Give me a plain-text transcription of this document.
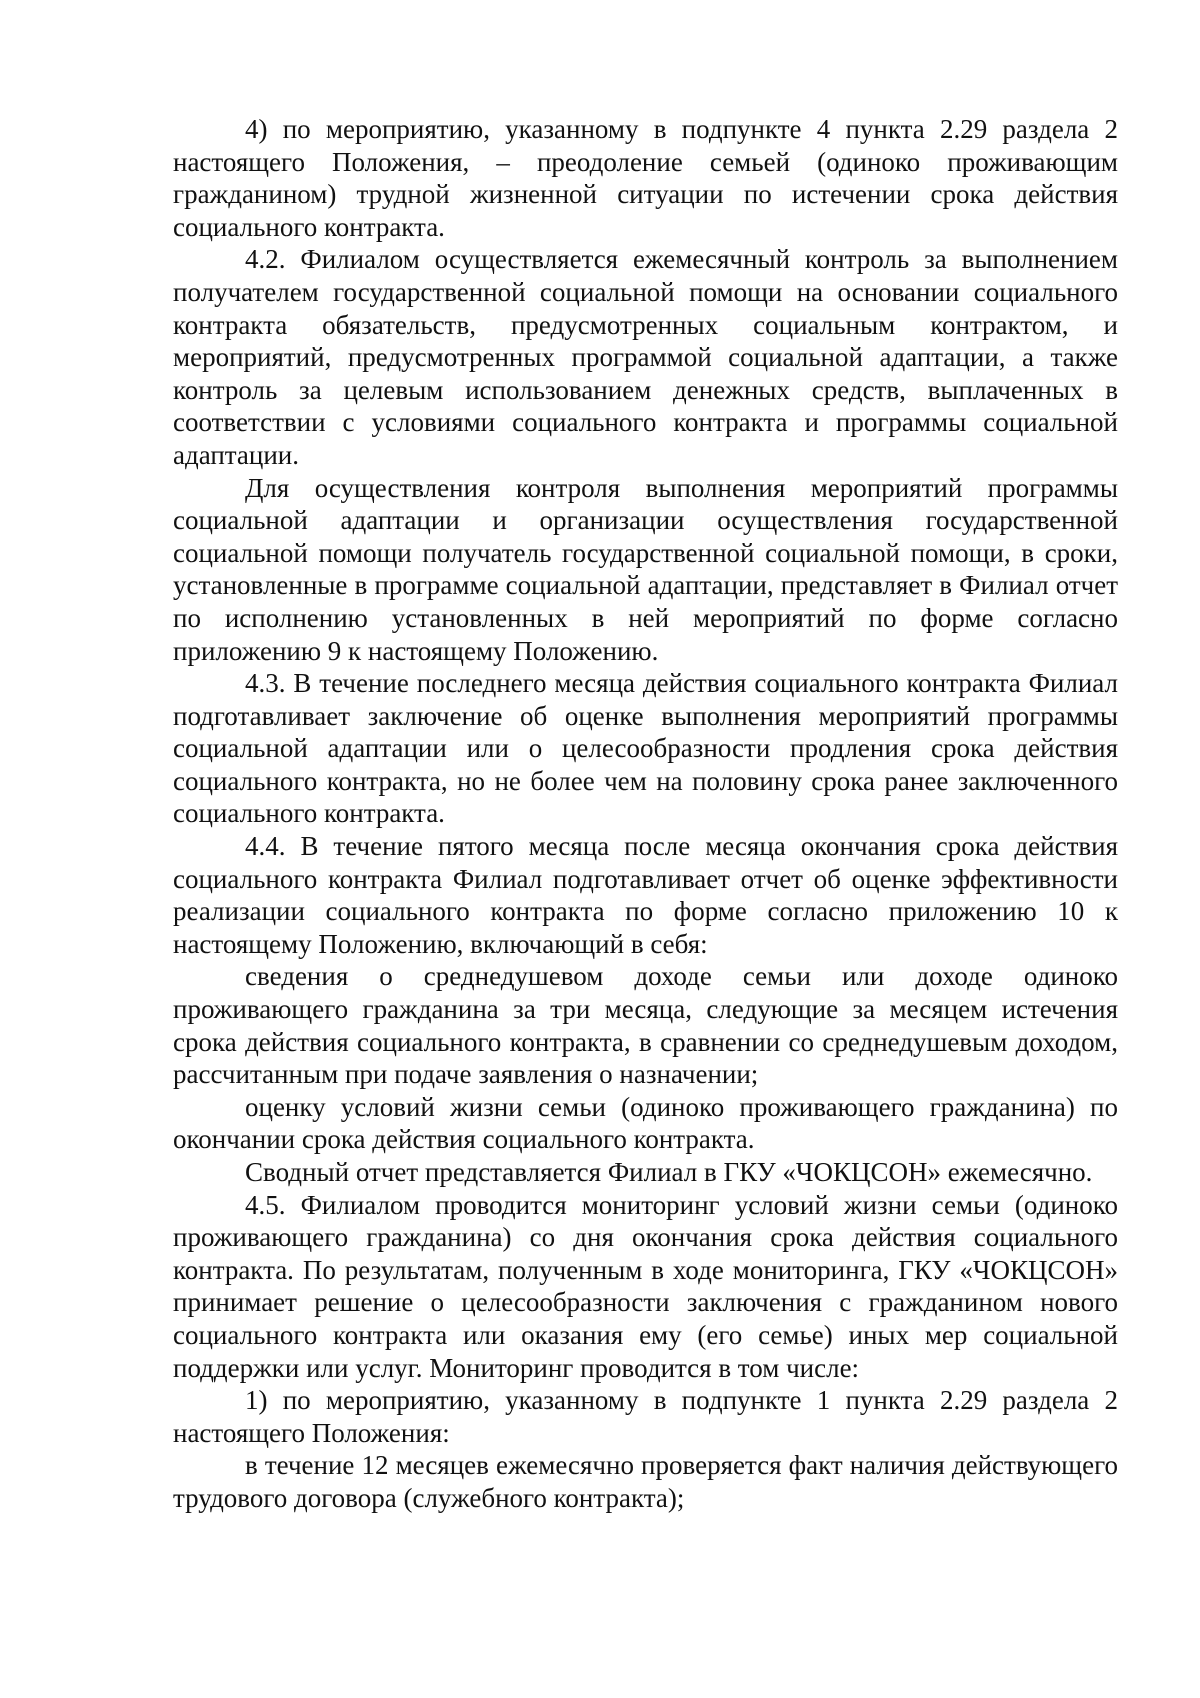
4) по мероприятию, указанному в подпункте 4 пункта 2.29 раздела 2 настоящего Положения, – преодоление семьей (одиноко проживающим гражданином) трудной жизненной ситуации по истечении срока действия социального контракта.

4.2. Филиалом осуществляется ежемесячный контроль за выполнением получателем государственной социальной помощи на основании социального контракта обязательств, предусмотренных социальным контрактом, и мероприятий, предусмотренных программой социальной адаптации, а также контроль за целевым использованием денежных средств, выплаченных в соответствии с условиями социального контракта и программы социальной адаптации.

Для осуществления контроля выполнения мероприятий программы социальной адаптации и организации осуществления государственной социальной помощи получатель государственной социальной помощи, в сроки, установленные в программе социальной адаптации, представляет в Филиал отчет по исполнению установленных в ней мероприятий по форме согласно приложению 9 к настоящему Положению.

4.3. В течение последнего месяца действия социального контракта Филиал подготавливает заключение об оценке выполнения мероприятий программы социальной адаптации или о целесообразности продления срока действия социального контракта, но не более чем на половину срока ранее заключенного социального контракта.

4.4. В течение пятого месяца после месяца окончания срока действия социального контракта Филиал подготавливает отчет об оценке эффективности реализации социального контракта по форме согласно приложению 10 к настоящему Положению, включающий в себя:

сведения о среднедушевом доходе семьи или доходе одиноко проживающего гражданина за три месяца, следующие за месяцем истечения срока действия социального контракта, в сравнении со среднедушевым доходом, рассчитанным при подаче заявления о назначении;

оценку условий жизни семьи (одиноко проживающего гражданина) по окончании срока действия социального контракта.

Сводный отчет представляется Филиал в ГКУ «ЧОКЦСОН» ежемесячно.

4.5. Филиалом проводится мониторинг условий жизни семьи (одиноко проживающего гражданина) со дня окончания срока действия социального контракта. По результатам, полученным в ходе мониторинга, ГКУ «ЧОКЦСОН» принимает решение о целесообразности заключения с гражданином нового социального контракта или оказания ему (его семье) иных мер социальной поддержки или услуг. Мониторинг проводится в том числе:

1) по мероприятию, указанному в подпункте 1 пункта 2.29 раздела 2 настоящего Положения:

в течение 12 месяцев ежемесячно проверяется факт наличия действующего трудового договора (служебного контракта);
